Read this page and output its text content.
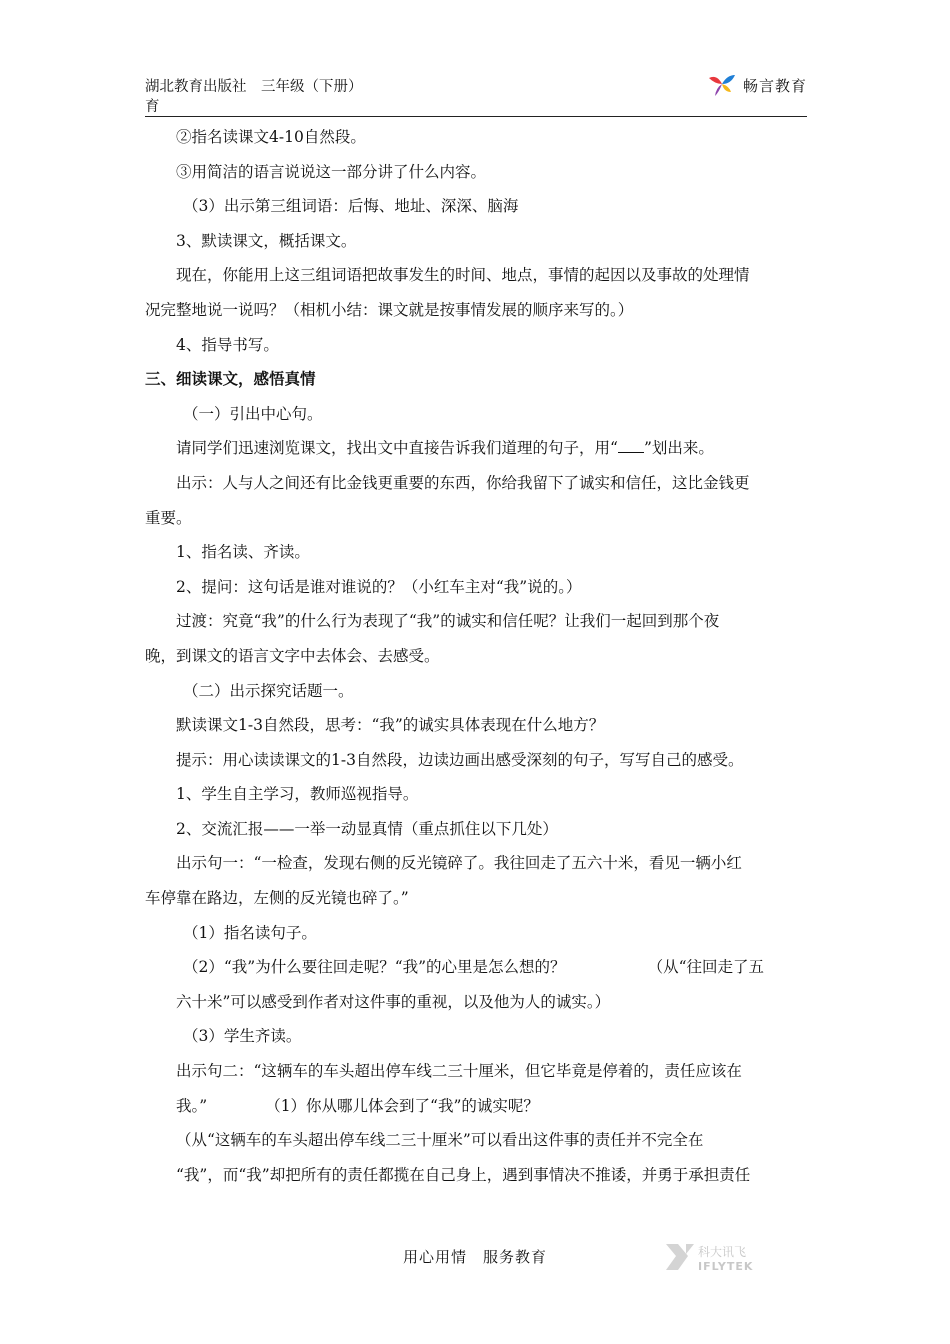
湖北教育出版社　三年级（下册）
育
畅言教育

②指名读课文4-10自然段。

③用简洁的语言说说这一部分讲了什么内容。

（3）出示第三组词语：后悔、地址、深深、脑海

3、默读课文，概括课文。

现在，你能用上这三组词语把故事发生的时间、地点，事情的起因以及事故的处理情

况完整地说一说吗？（相机小结：课文就是按事情发展的顺序来写的。）

4、指导书写。

三、细读课文，感悟真情

（一）引出中心句。

请同学们迅速浏览课文，找出文中直接告诉我们道理的句子，用“ ”划出来。

出示：人与人之间还有比金钱更重要的东西，你给我留下了诚实和信任，这比金钱更

重要。

1、指名读、齐读。

2、提问：这句话是谁对谁说的？（小红车主对“我”说的。）

过渡：究竟“我”的什么行为表现了“我”的诚实和信任呢？让我们一起回到那个夜

晚，到课文的语言文字中去体会、去感受。

（二）出示探究话题一。

默读课文1-3自然段，思考：“我”的诚实具体表现在什么地方？

提示：用心读读课文的1-3自然段，边读边画出感受深刻的句子，写写自己的感受。

1、学生自主学习，教师巡视指导。

2、交流汇报——一举一动显真情（重点抓住以下几处）

出示句一：“一检查，发现右侧的反光镜碎了。我往回走了五六十米，看见一辆小红

车停靠在路边，左侧的反光镜也碎了。”

（1）指名读句子。

（2）“我”为什么要往回走呢？“我”的心里是怎么想的？	（从“往回走了五

六十米”可以感受到作者对这件事的重视，以及他为人的诚实。）

（3）学生齐读。

出示句二：“这辆车的车头超出停车线二三十厘米，但它毕竟是停着的，责任应该在

我。”	（1）你从哪儿体会到了“我”的诚实呢？

（从“这辆车的车头超出停车线二三十厘米”可以看出这件事的责任并不完全在

“我”，而“我”却把所有的责任都揽在自己身上，遇到事情决不推诿，并勇于承担责任

用心用情　服务教育	科大讯飞
IFLYTEK
